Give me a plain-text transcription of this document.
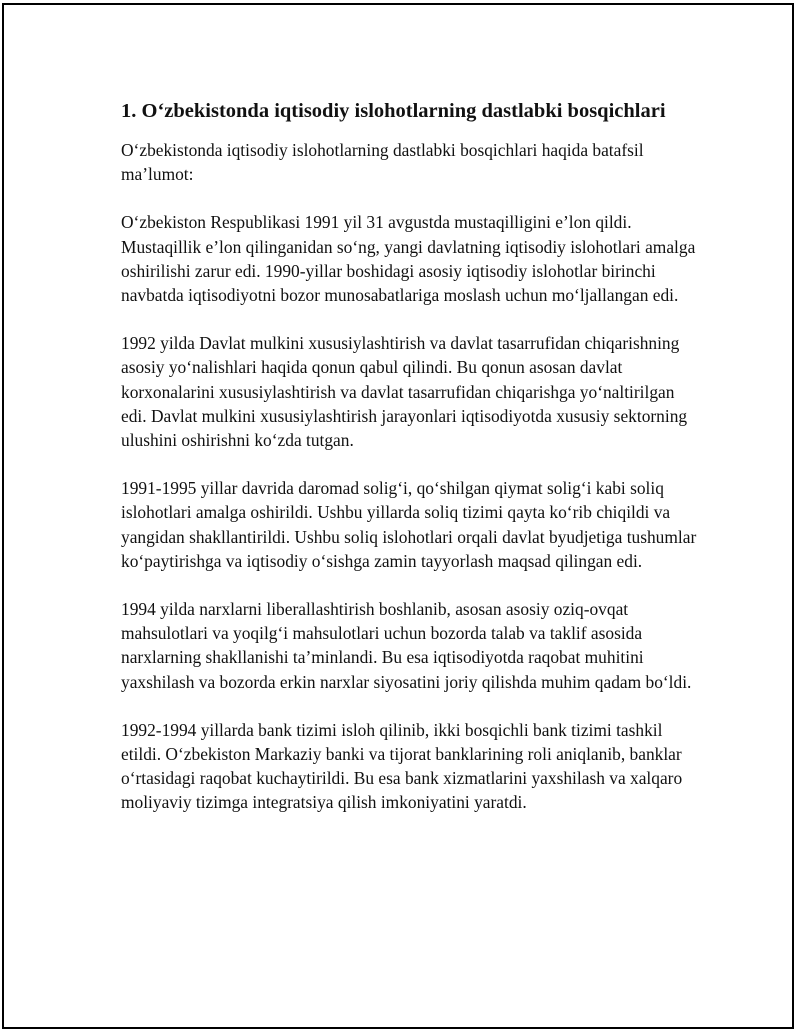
1. O‘zbekistonda iqtisodiy islohotlarning dastlabki bosqichlari

O‘zbekistonda iqtisodiy islohotlarning dastlabki bosqichlari haqida batafsil ma’lumot:

O‘zbekiston Respublikasi 1991 yil 31 avgustda mustaqilligini e’lon qildi. Mustaqillik e’lon qilinganidan so‘ng, yangi davlatning iqtisodiy islohotlari amalga oshirilishi zarur edi. 1990-yillar boshidagi asosiy iqtisodiy islohotlar birinchi navbatda iqtisodiyotni bozor munosabatlariga moslash uchun mo‘ljallangan edi.

1992 yilda Davlat mulkini xususiylashtirish va davlat tasarrufidan chiqarishning asosiy yo‘nalishlari haqida qonun qabul qilindi. Bu qonun asosan davlat korxonalarini xususiylashtirish va davlat tasarrufidan chiqarishga yo‘naltirilgan edi. Davlat mulkini xususiylashtirish jarayonlari iqtisodiyotda xususiy sektorning ulushini oshirishni ko‘zda tutgan.

1991-1995 yillar davrida daromad solig‘i, qo‘shilgan qiymat solig‘i kabi soliq islohotlari amalga oshirildi. Ushbu yillarda soliq tizimi qayta ko‘rib chiqildi va yangidan shakllantirildi. Ushbu soliq islohotlari orqali davlat byudjetiga tushumlar ko‘paytirishga va iqtisodiy o‘sishga zamin tayyorlash maqsad qilingan edi.

1994 yilda narxlarni liberallashtirish boshlanib, asosan asosiy oziq-ovqat mahsulotlari va yoqilg‘i mahsulotlari uchun bozorda talab va taklif asosida narxlarning shakllanishi ta’minlandi. Bu esa iqtisodiyotda raqobat muhitini yaxshilash va bozorda erkin narxlar siyosatini joriy qilishda muhim qadam bo‘ldi.

1992-1994 yillarda bank tizimi isloh qilinib, ikki bosqichli bank tizimi tashkil etildi. O‘zbekiston Markaziy banki va tijorat banklarining roli aniqlanib, banklar o‘rtasidagi raqobat kuchaytirildi. Bu esa bank xizmatlarini yaxshilash va xalqaro moliyaviy tizimga integratsiya qilish imkoniyatini yaratdi.
